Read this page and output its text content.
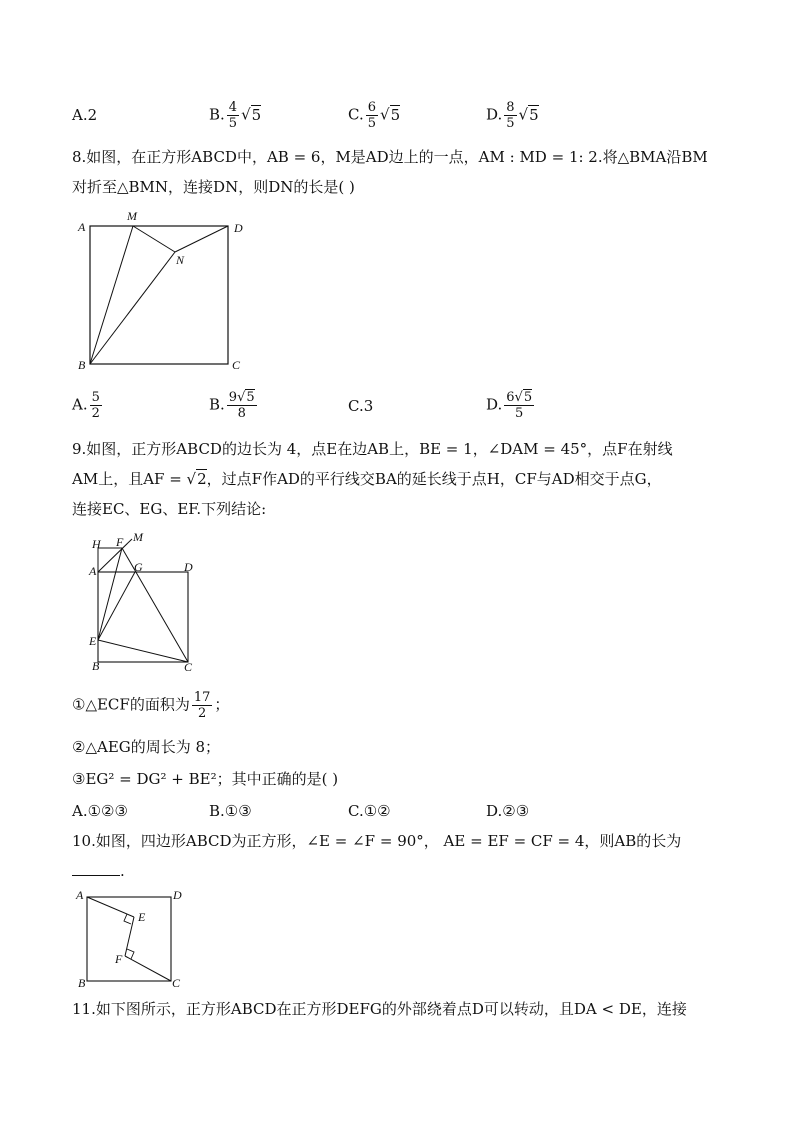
A.2	B. $\frac{4}{5} √5$	C. $\frac{6}{5} √5$	D. $\frac{8}{5} √5$
8.如图，在正方形ABCD中，AB = 6，M是AD边上的一点，AM : MD = 1: 2.将△BMA沿BM
对折至△BMN，连接DN，则DN的长是( )
A
M
D
N
B	C
A. $\frac{5}{2}$	B. $\frac{9√5}{8}$	C.3	D. $\frac{6√5}{5}$
9.如图，正方形ABCD的边长为 4，点E在边AB上，BE = 1，∠DAM = 45°，点F在射线
AM上，且AF = √2，过点F作AD的平行线交BA的延长线于点H，CF与AD相交于点G，
连接EC、EG、EF.下列结论:
H F M
A	G	D
E
B	C
①△ECF的面积为 $\frac{17}{2}$ ；
②△AEG的周长为 8；
③EG² = DG² + BE²；其中正确的是( )
A.①②③	B.①③	C.①②	D.②③
10.如图，四边形ABCD为正方形，∠E = ∠F = 90°， AE = EF = CF = 4，则AB的长为
.
A	D
E
F
B	C
11.如下图所示，正方形ABCD在正方形DEFG的外部绕着点D可以转动，且DA < DE，连接
